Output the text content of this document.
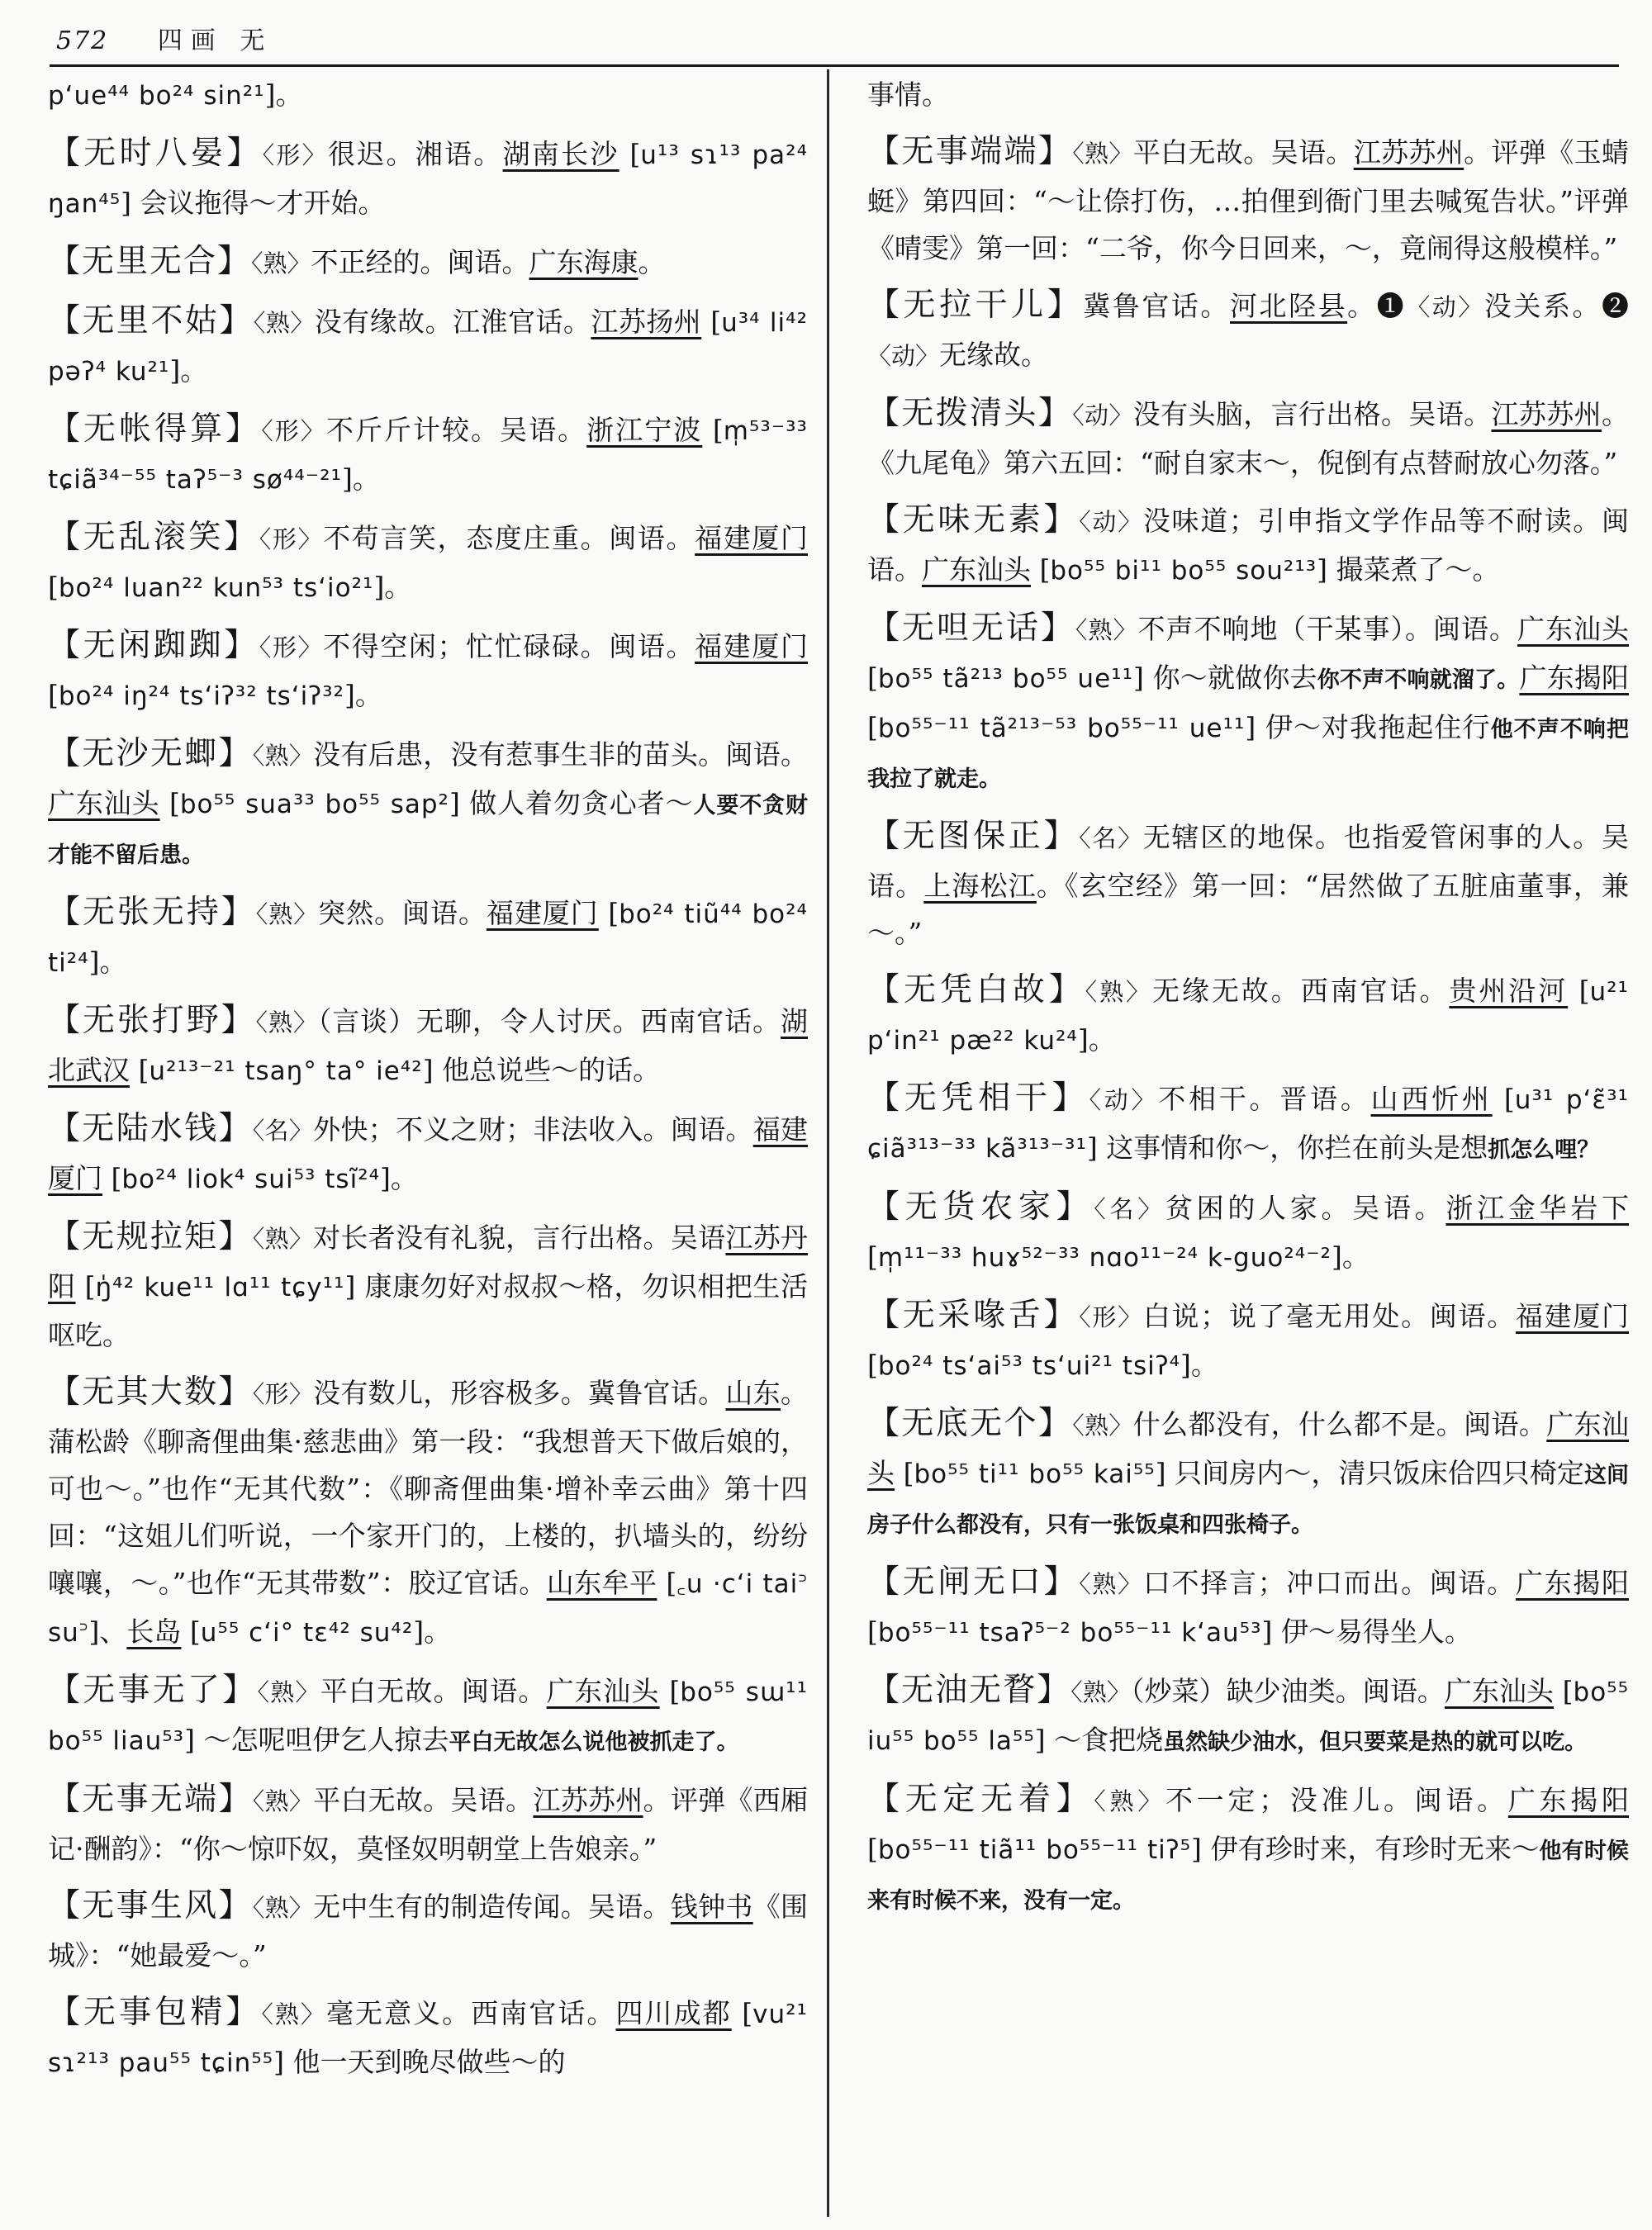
572 四画 无
p‘ue⁴⁴ bo²⁴ sin²¹]。
【无时八晏】〈形〉很迟。湘语。湖南长沙 [u¹³ sɿ¹³ pa²⁴ ŋan⁴⁵] 会议拖得～才开始。
【无里无合】〈熟〉不正经的。闽语。广东海康。
【无里不姑】〈熟〉没有缘故。江淮官话。江苏扬州 [u³⁴ li⁴² pəʔ⁴ ku²¹]。
【无帐得算】〈形〉不斤斤计较。吴语。浙江宁波 [m̩⁵³⁻³³ tɕiã³⁴⁻⁵⁵ taʔ⁵⁻³ sø⁴⁴⁻²¹]。
【无乱滚笑】〈形〉不苟言笑，态度庄重。闽语。福建厦门 [bo²⁴ luan²² kun⁵³ ts‘io²¹]。
【无闲踟踟】〈形〉不得空闲；忙忙碌碌。闽语。福建厦门 [bo²⁴ iŋ²⁴ ts‘iʔ³² ts‘iʔ³²]。
【无沙无蝍】〈熟〉没有后患，没有惹事生非的苗头。闽语。广东汕头 [bo⁵⁵ sua³³ bo⁵⁵ sap²] 做人着勿贪心者～人要不贪财才能不留后患。
【无张无持】〈熟〉突然。闽语。福建厦门 [bo²⁴ tiũ⁴⁴ bo²⁴ ti²⁴]。
【无张打野】〈熟〉（言谈）无聊，令人讨厌。西南官话。湖北武汉 [u²¹³⁻²¹ tsaŋ° ta° ie⁴²] 他总说些～的话。
【无陆水钱】〈名〉外快；不义之财；非法收入。闽语。福建厦门 [bo²⁴ liok⁴ sui⁵³ tsĩ²⁴]。
【无规拉矩】〈熟〉对长者没有礼貌，言行出格。吴语江苏丹阳 [ŋ̍⁴² kue¹¹ lɑ¹¹ tɕy¹¹] 康康勿好对叔叔～格，勿识相把生活呕吃。
【无其大数】〈形〉没有数儿，形容极多。冀鲁官话。山东。蒲松龄《聊斋俚曲集·慈悲曲》第一段：“我想普天下做后娘的，可也～。”也作“无其代数”：《聊斋俚曲集·增补幸云曲》第十四回：“这姐儿们听说，一个家开门的，上楼的，扒墙头的，纷纷嚷嚷，～。”也作“无其带数”：胶辽官话。山东牟平 [꜀u ·c‘i tai꜄ su꜄]、长岛 [u⁵⁵ c‘i° tɛ⁴² su⁴²]。
【无事无了】〈熟〉平白无故。闽语。广东汕头 [bo⁵⁵ sɯ¹¹ bo⁵⁵ liau⁵³] ～怎呢呾伊乞人掠去平白无故怎么说他被抓走了。
【无事无端】〈熟〉平白无故。吴语。江苏苏州。评弹《西厢记·酬韵》：“你～惊吓奴，莫怪奴明朝堂上告娘亲。”
【无事生风】〈熟〉无中生有的制造传闻。吴语。钱钟书《围城》：“她最爱～。”
【无事包精】〈熟〉毫无意义。西南官话。四川成都 [vu²¹ sɿ²¹³ pau⁵⁵ tɕin⁵⁵] 他一天到晚尽做些～的
事情。
【无事端端】〈熟〉平白无故。吴语。江苏苏州。评弹《玉蜻蜓》第四回：“～让倷打伤，…拍俚到衙门里去喊冤告状。”评弹《晴雯》第一回：“二爷，你今日回来，～，竟闹得这般模样。”
【无拉干儿】冀鲁官话。河北陉县。❶〈动〉没关系。❷〈动〉无缘故。
【无拨清头】〈动〉没有头脑，言行出格。吴语。江苏苏州。《九尾龟》第六五回：“耐自家末～，倪倒有点替耐放心勿落。”
【无味无素】〈动〉没味道；引申指文学作品等不耐读。闽语。广东汕头 [bo⁵⁵ bi¹¹ bo⁵⁵ sou²¹³] 撮菜煮了～。
【无呾无话】〈熟〉不声不响地（干某事）。闽语。广东汕头 [bo⁵⁵ tã²¹³ bo⁵⁵ ue¹¹] 你～就做你去你不声不响就溜了。广东揭阳 [bo⁵⁵⁻¹¹ tã²¹³⁻⁵³ bo⁵⁵⁻¹¹ ue¹¹] 伊～对我拖起住行他不声不响把我拉了就走。
【无图保正】〈名〉无辖区的地保。也指爱管闲事的人。吴语。上海松江。《玄空经》第一回：“居然做了五脏庙董事，兼～。”
【无凭白故】〈熟〉无缘无故。西南官话。贵州沿河 [u²¹ p‘in²¹ pæ²² ku²⁴]。
【无凭相干】〈动〉不相干。晋语。山西忻州 [u³¹ p‘ɛ̃³¹ ɕiã³¹³⁻³³ kã³¹³⁻³¹] 这事情和你～，你拦在前头是想抓怎么哩？
【无货农家】〈名〉贫困的人家。吴语。浙江金华岩下 [m̩¹¹⁻³³ huɤ⁵²⁻³³ nɑo¹¹⁻²⁴ k-guo²⁴⁻²]。
【无采喙舌】〈形〉白说；说了毫无用处。闽语。福建厦门 [bo²⁴ ts‘ai⁵³ ts‘ui²¹ tsiʔ⁴]。
【无底无个】〈熟〉什么都没有，什么都不是。闽语。广东汕头 [bo⁵⁵ ti¹¹ bo⁵⁵ kai⁵⁵] 只间房内～，清只饭床佮四只椅定这间房子什么都没有，只有一张饭桌和四张椅子。
【无闸无口】〈熟〉口不择言；冲口而出。闽语。广东揭阳 [bo⁵⁵⁻¹¹ tsaʔ⁵⁻² bo⁵⁵⁻¹¹ k‘au⁵³] 伊～易得坐人。
【无油无瞀】〈熟〉（炒菜）缺少油类。闽语。广东汕头 [bo⁵⁵ iu⁵⁵ bo⁵⁵ la⁵⁵] ～食把烧虽然缺少油水，但只要菜是热的就可以吃。
【无定无着】〈熟〉不一定；没准儿。闽语。广东揭阳 [bo⁵⁵⁻¹¹ tiã¹¹ bo⁵⁵⁻¹¹ tiʔ⁵] 伊有珍时来，有珍时无来～他有时候来有时候不来，没有一定。
